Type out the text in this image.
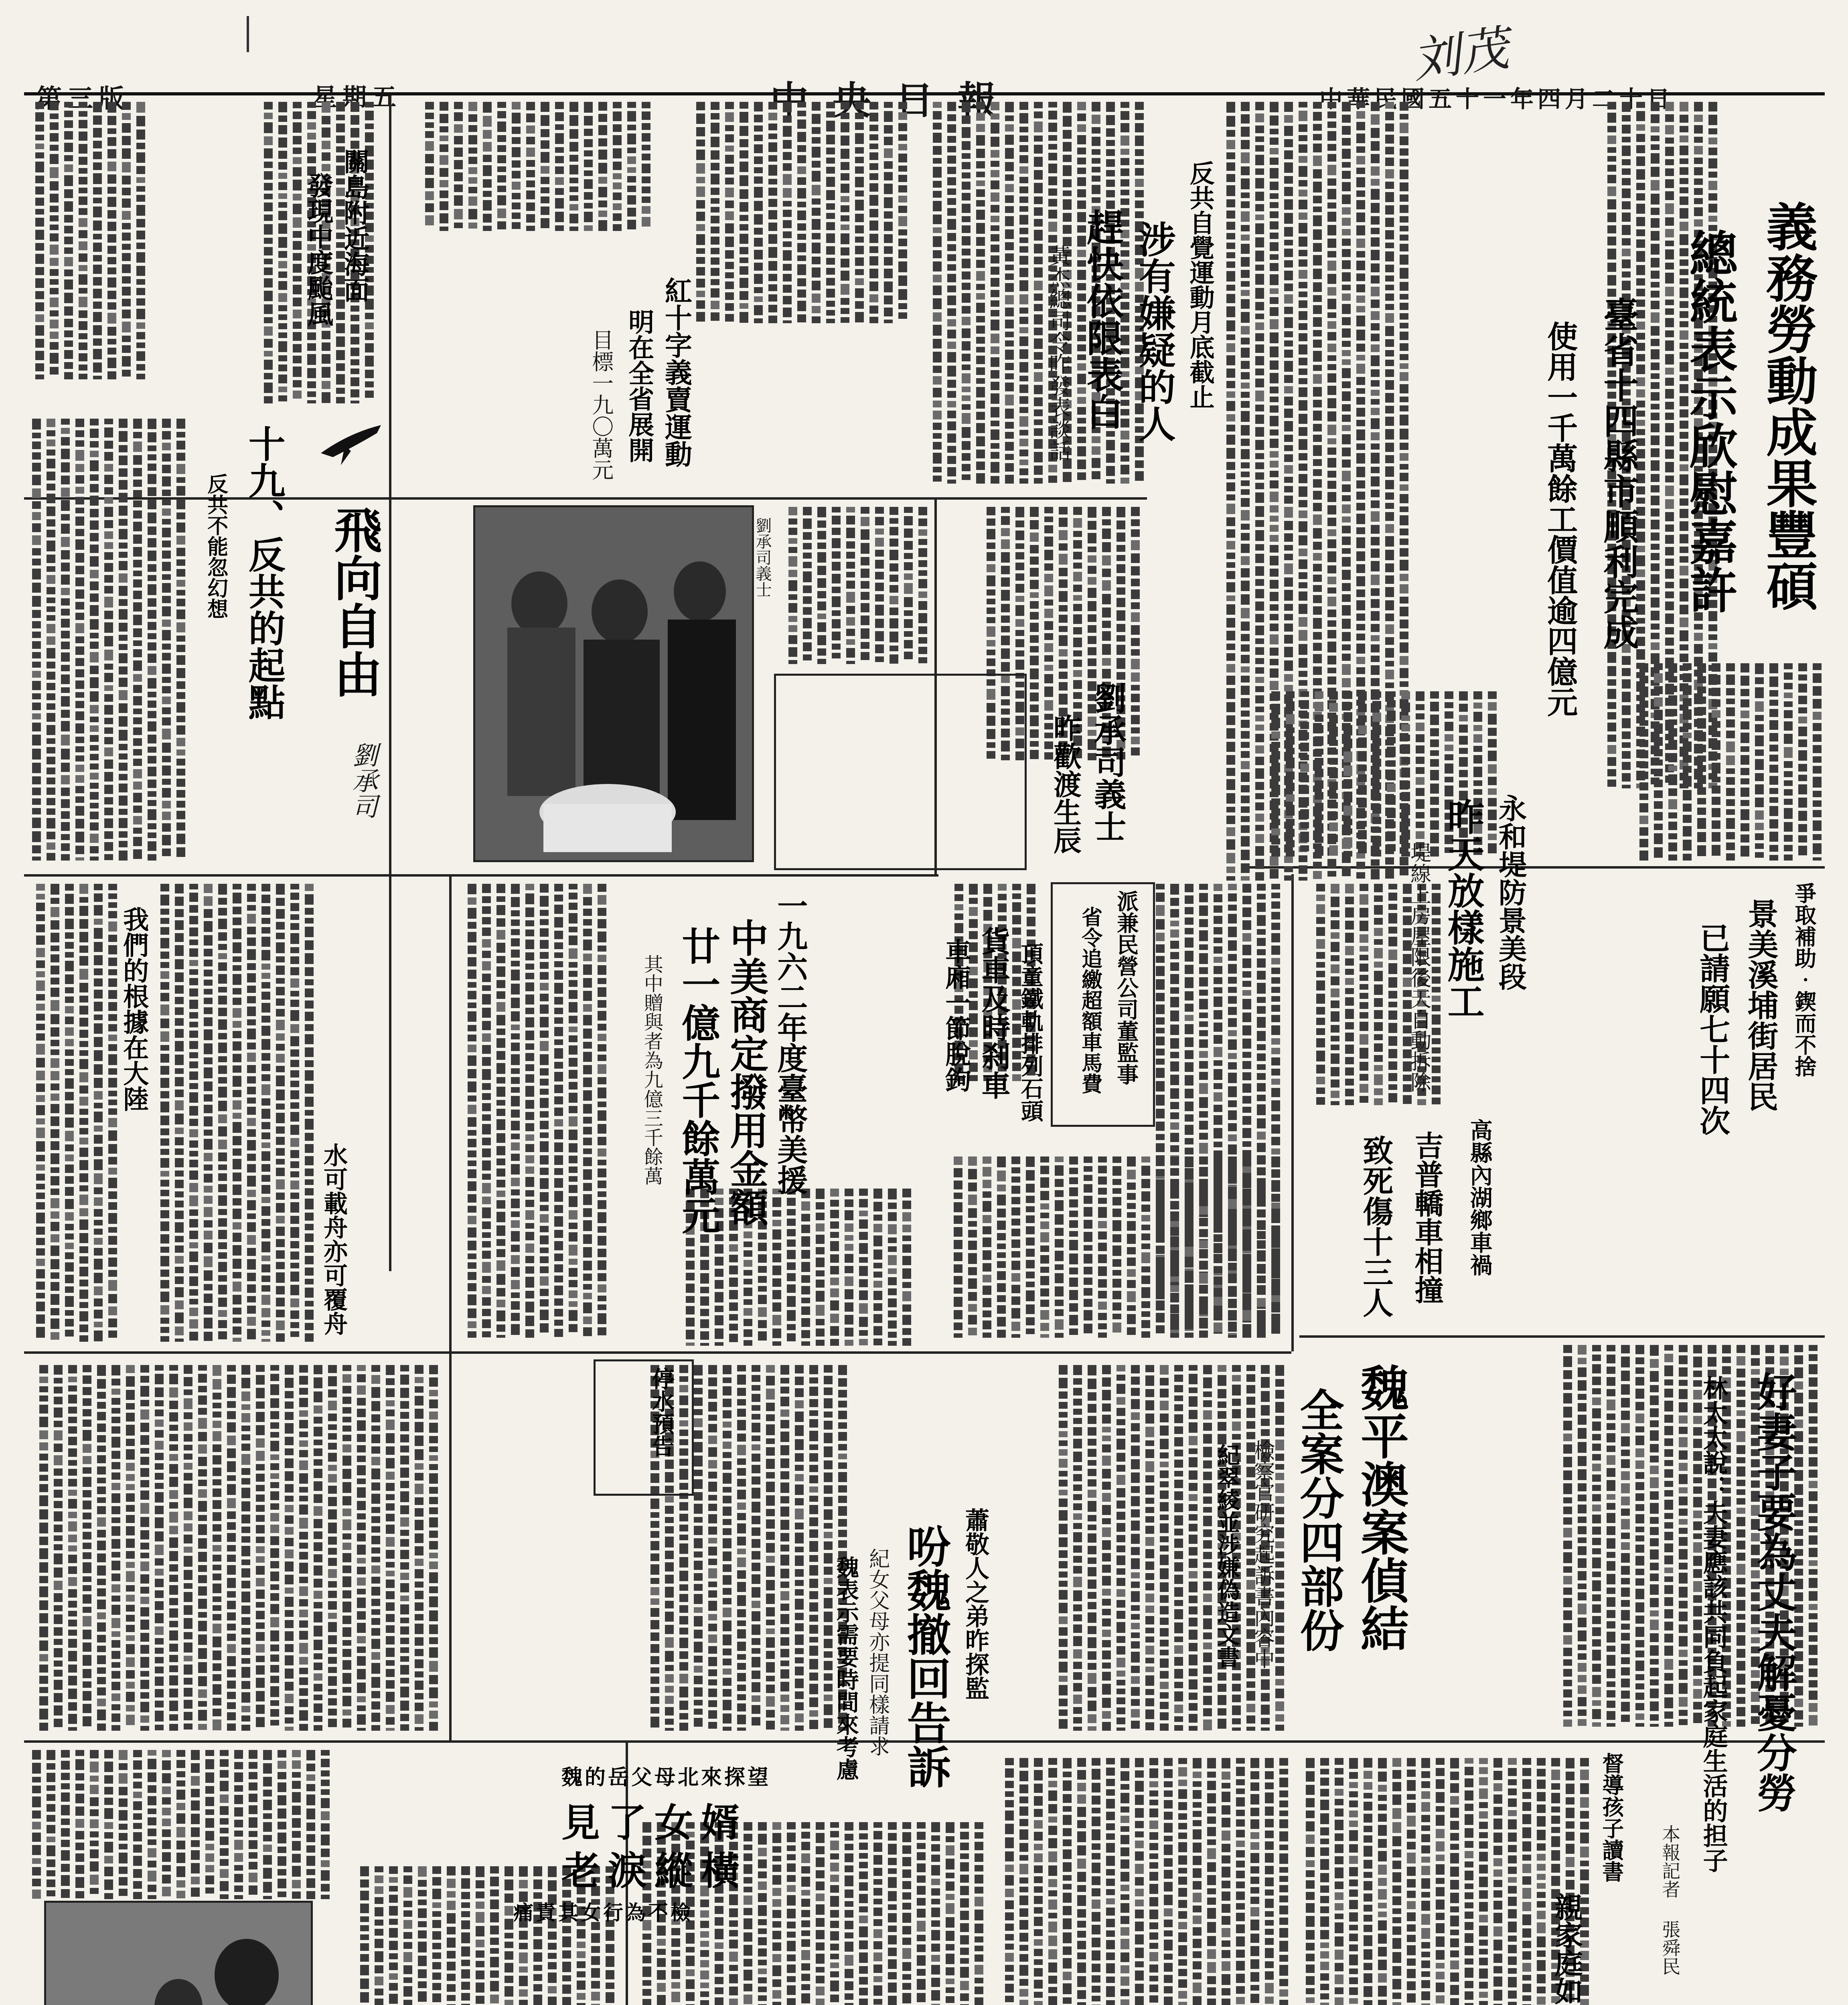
第三版	星期五	中央日報	中華民國五十一年四月二十日
刘茂
義務勞動成果豐碩
總統表示欣慰嘉許
臺省十四縣市順利完成
使用一千萬餘工價值逾四億元
反共自覺運動月底截止
涉有嫌疑的人
趕快依限表白
黃杰總司令昨發表談話
關島附近海面
發現中度颱風
飛向自由
劉承司
紅十字義賣運動
明在全省展開
目標一九〇萬元
劉承司義士
劉承司義士
昨歡渡生辰
十九、反共的起點
反共不能忽幻想
永和堤防景美段
昨天放樣施工
堤線上房屋限後天自動拆除	爭取補助‧鍥而不捨
景美溪埔街居民
已請願七十四次
一九六二年度臺幣美援
中美商定撥用金額
廿一億九千餘萬元
其中贈與者為九億三千餘萬	頂童鐵軌排列石頭
貨車及時刹車
車廂一節脫鉤	派兼民營公司董監事
省令追繳超額車馬費
高縣內湖鄉車禍
吉普轎車相撞
致死傷十三人
我們的根據在大陸
水可載舟亦可覆舟
停水預告	魏平澳案偵結
全案分四部份
檢察官研究起訴書內容中
紀翠綾並涉嫌偽造文書	好妻子要為丈夫解憂分勞
林太太說：夫妻應該共同負起家庭生活的担子
本報記者 張舜民
蕭敬人之弟昨探監
吩魏撤回告訴
紀女父母亦提同樣請求
魏表示需要時間來考慮
魏的岳父母北來探望
見了女婿
老淚縱橫
痛責其女行為不檢
督導孩子讀書
親家庭如生命
